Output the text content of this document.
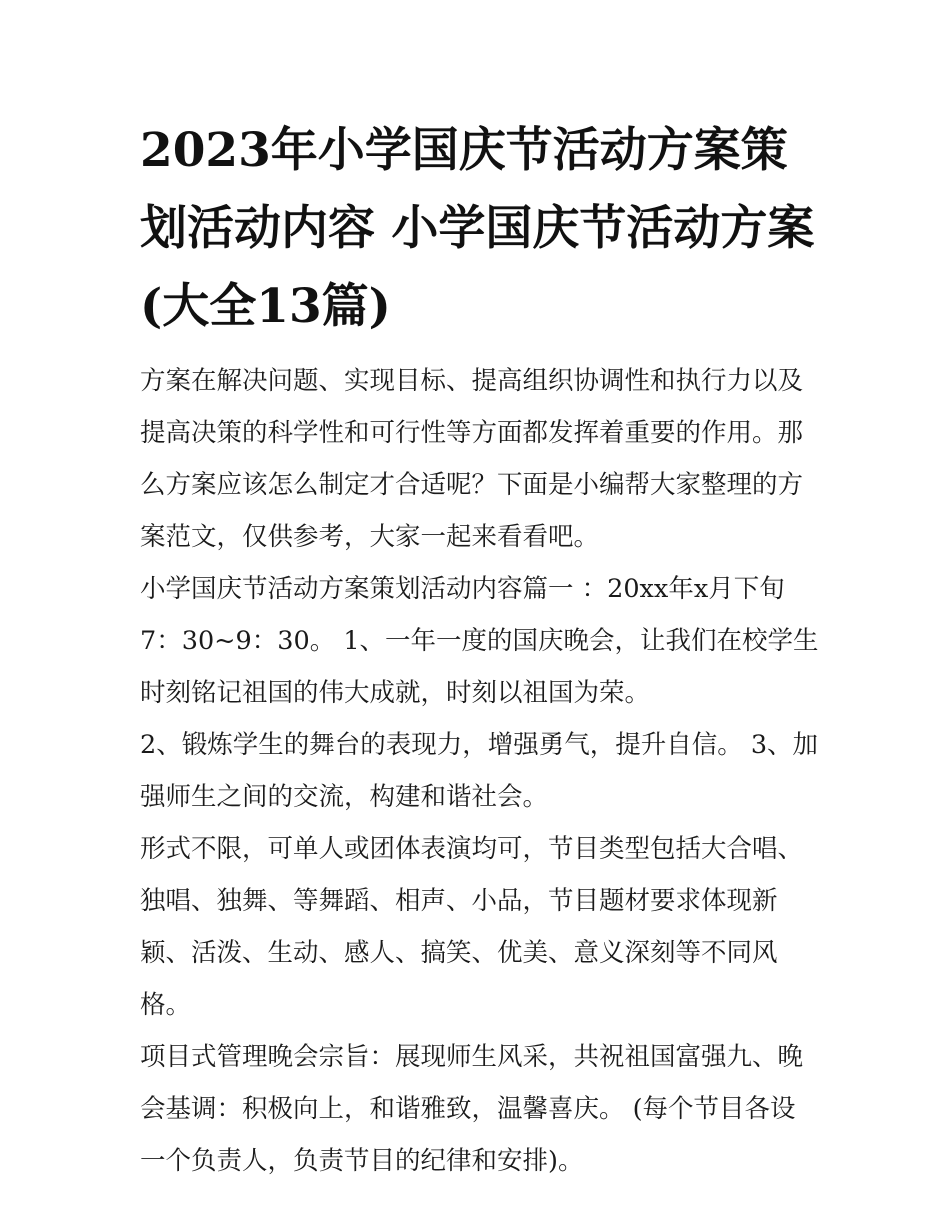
2023年小学国庆节活动方案策划活动内容 小学国庆节活动方案(大全13篇)

方案在解决问题、实现目标、提高组织协调性和执行力以及提高决策的科学性和可行性等方面都发挥着重要的作用。那么方案应该怎么制定才合适呢？下面是小编帮大家整理的方案范文，仅供参考，大家一起来看看吧。

小学国庆节活动方案策划活动内容篇一 ：20xx年x月下旬7：30~9：30。 1、一年一度的国庆晚会，让我们在校学生时刻铭记祖国的伟大成就，时刻以祖国为荣。

2、锻炼学生的舞台的表现力，增强勇气，提升自信。 3、加强师生之间的交流，构建和谐社会。

形式不限，可单人或团体表演均可，节目类型包括大合唱、独唱、独舞、等舞蹈、相声、小品，节目题材要求体现新颖、活泼、生动、感人、搞笑、优美、意义深刻等不同风格。

项目式管理晚会宗旨：展现师生风采，共祝祖国富强九、晚会基调：积极向上，和谐雅致，温馨喜庆。 (每个节目各设一个负责人，负责节目的纪律和安排)。
